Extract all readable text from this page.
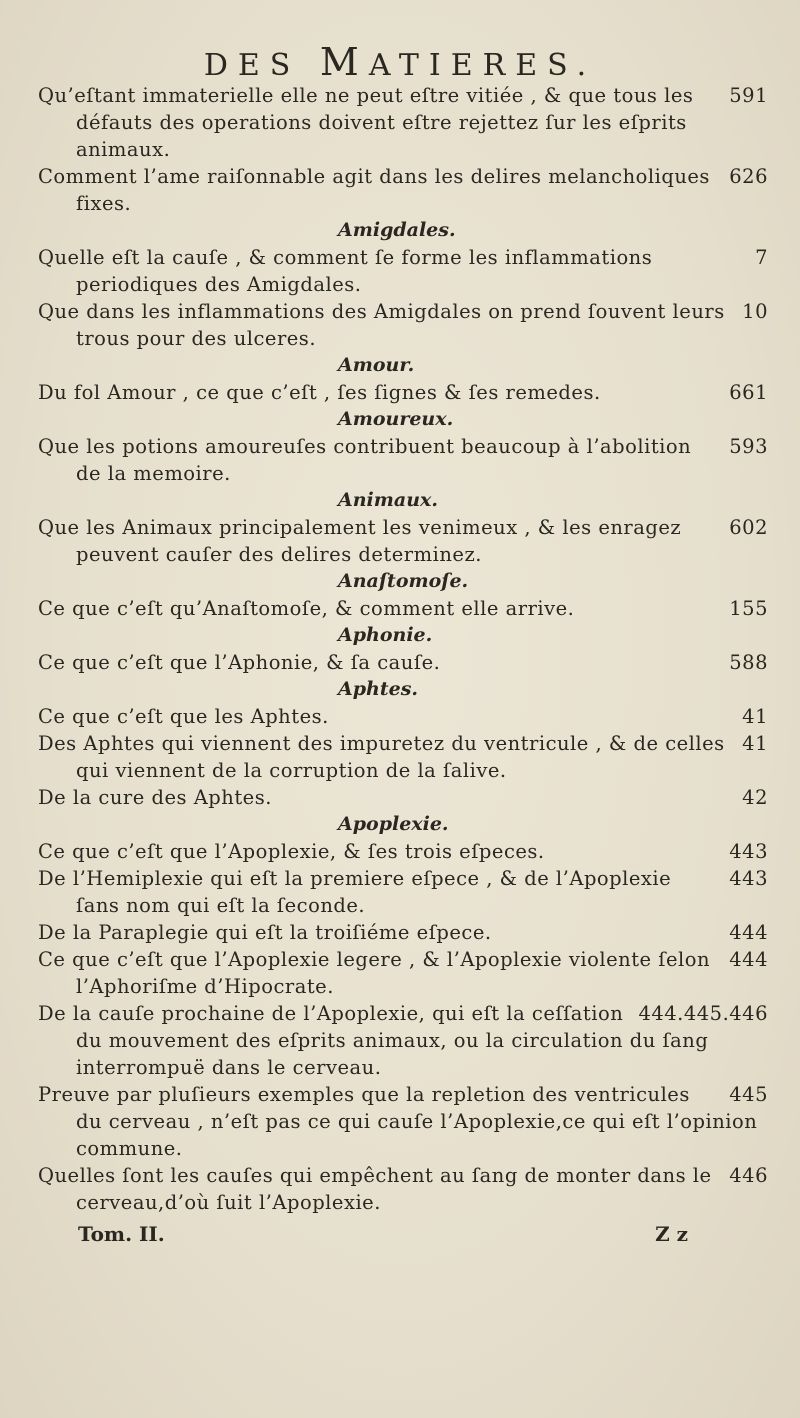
DES MATIERES.
591
Qu’eſtant immaterielle elle ne peut eſtre vitiée , & que tous les défauts des operations doivent eſtre rejettez ſur les eſprits animaux.
626
Comment l’ame raiſonnable agit dans les delires melancholiques fixes.
Amigdales.
7
Quelle eſt la cauſe , & comment ſe forme les inflammations periodiques des Amigdales.
10
Que dans les inflammations des Amigdales on prend ſouvent leurs trous pour des ulceres.
Amour.
661
Du fol Amour , ce que c’eſt , ſes ſignes & ſes remedes.
Amoureux.
593
Que les potions amoureuſes contribuent beaucoup à l’abolition de la memoire.
Animaux.
602
Que les Animaux principalement les venimeux , & les enragez peuvent cauſer des delires determinez.
Anaſtomoſe.
155
Ce que c’eſt qu’Anaſtomoſe, & comment elle arrive.
Aphonie.
588
Ce que c’eſt que l’Aphonie, & ſa cauſe.
Aphtes.
41
Ce que c’eſt que les Aphtes.
41
Des Aphtes qui viennent des impuretez du ventricule , & de celles qui viennent de la corruption de la ſalive.
42
De la cure des Aphtes.
Apoplexie.
443
Ce que c’eſt que l’Apoplexie, & ſes trois eſpeces.
443
De l’Hemiplexie qui eſt la premiere eſpece , & de l’Apoplexie ſans nom qui eſt la ſeconde.
444
De la Paraplegie qui eſt la troiſiéme eſpece.
444
Ce que c’eſt que l’Apoplexie legere , & l’Apoplexie violente ſelon l’Aphoriſme d’Hipocrate.
444.445.446
De la cauſe prochaine de l’Apoplexie, qui eſt la ceſſation du mouvement des eſprits animaux, ou la circulation du ſang interrompuë dans le cerveau.
445
Preuve par pluſieurs exemples que la repletion des ventricules du cerveau , n’eſt pas ce qui cauſe l’Apoplexie,ce qui eſt l’opinion commune.
446
Quelles ſont les cauſes qui empêchent au ſang de monter dans le cerveau,d’où ſuit l’Apoplexie.
Tom. II.	Z z
